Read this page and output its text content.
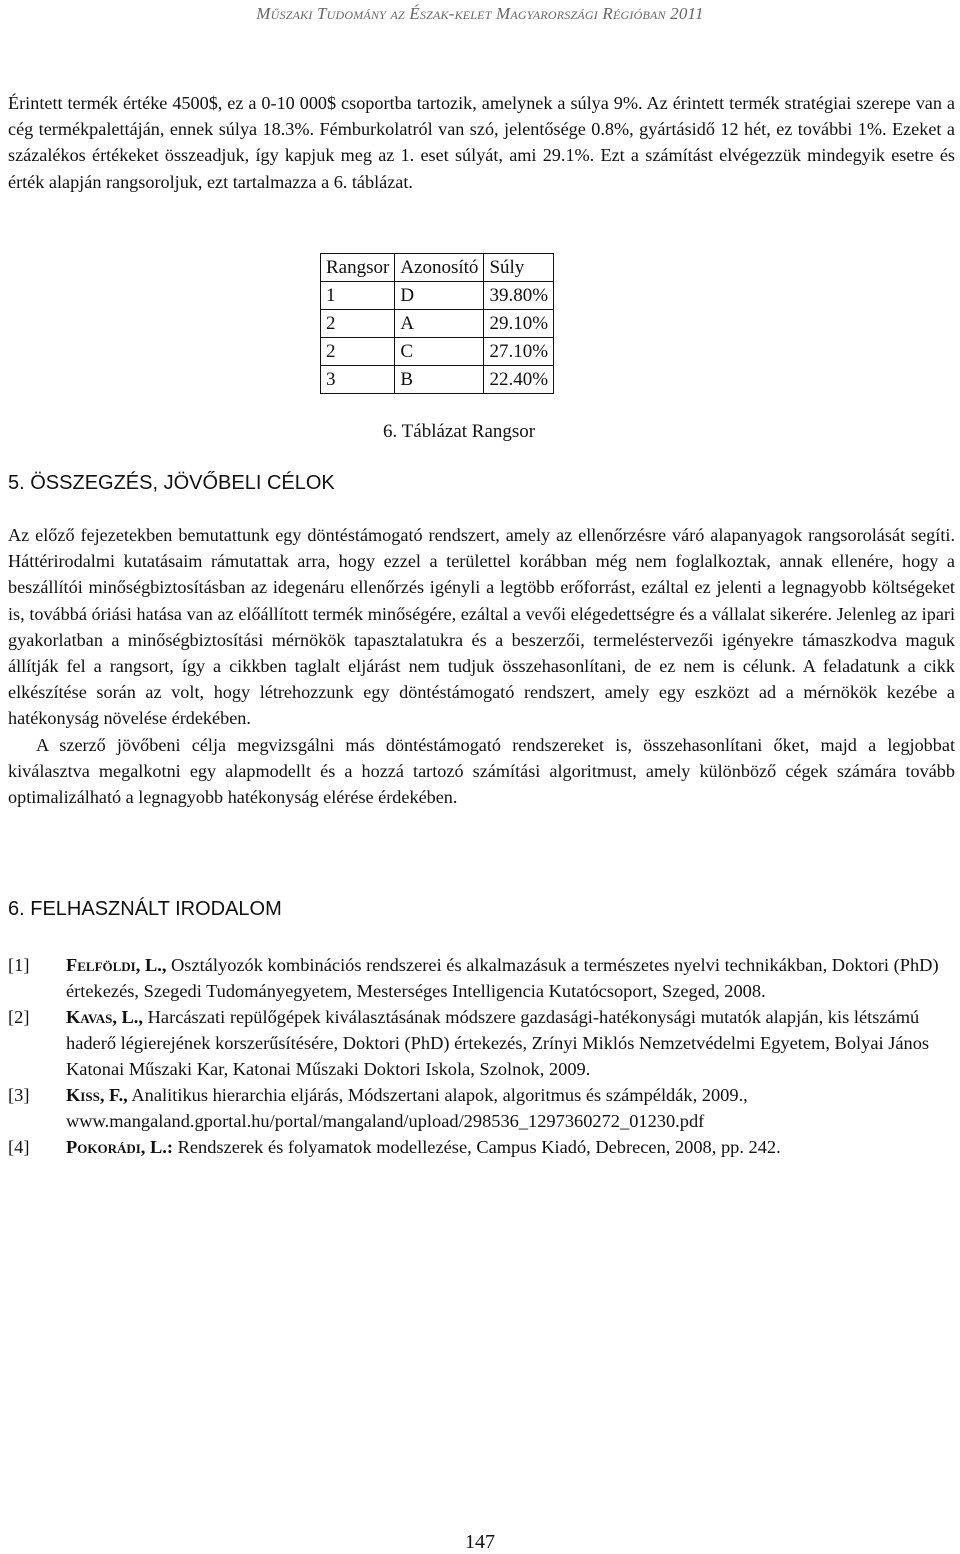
Műszaki Tudomány az Észak-kelet Magyarországi Régióban 2011

Érintett termék értéke 4500$, ez a 0-10 000$ csoportba tartozik, amelynek a súlya 9%. Az érintett termék stratégiai szerepe van a cég termékpalettáján, ennek súlya 18.3%. Fémburkolatról van szó, jelentősége 0.8%, gyártásidő 12 hét, ez további 1%. Ezeket a százalékos értékeket összeadjuk, így kapjuk meg az 1. eset súlyát, ami 29.1%. Ezt a számítást elvégezzük mindegyik esetre és érték alapján rangsoroljuk, ezt tartalmazza a 6. táblázat.

Rangsor	Azonosító	Súly
1	D	39.80%
2	A	29.10%
2	C	27.10%
3	B	22.40%
6. Táblázat Rangsor
5. ÖSSZEGZÉS, JÖVŐBELI CÉLOK

Az előző fejezetekben bemutattunk egy döntéstámogató rendszert, amely az ellenőrzésre váró alapanyagok rangsorolását segíti. Háttérirodalmi kutatásaim rámutattak arra, hogy ezzel a területtel korábban még nem foglalkoztak, annak ellenére, hogy a beszállítói minőségbiztosításban az idegenáru ellenőrzés igényli a legtöbb erőforrást, ezáltal ez jelenti a legnagyobb költségeket is, továbbá óriási hatása van az előállított termék minőségére, ezáltal a vevői elégedettségre és a vállalat sikerére. Jelenleg az ipari gyakorlatban a minőségbiztosítási mérnökök tapasztalatukra és a beszerzői, termeléstervezői igényekre támaszkodva maguk állítják fel a rangsort, így a cikkben taglalt eljárást nem tudjuk összehasonlítani, de ez nem is célunk. A feladatunk a cikk elkészítése során az volt, hogy létrehozzunk egy döntéstámogató rendszert, amely egy eszközt ad a mérnökök kezébe a hatékonyság növelése érdekében.

A szerző jövőbeni célja megvizsgálni más döntéstámogató rendszereket is, összehasonlítani őket, majd a legjobbat kiválasztva megalkotni egy alapmodellt és a hozzá tartozó számítási algoritmust, amely különböző cégek számára tovább optimalizálható a legnagyobb hatékonyság elérése érdekében.

6. FELHASZNÁLT IRODALOM
[1]	Felföldi, L., Osztályozók kombinációs rendszerei és alkalmazásuk a természetes nyelvi technikákban, Doktori (PhD) értekezés, Szegedi Tudományegyetem, Mesterséges Intelligencia Kutatócsoport, Szeged, 2008.
[2]	Kavas, L., Harcászati repülőgépek kiválasztásának módszere gazdasági-hatékonysági mutatók alapján, kis létszámú haderő légierejének korszerűsítésére, Doktori (PhD) értekezés, Zrínyi Miklós Nemzetvédelmi Egyetem, Bolyai János Katonai Műszaki Kar, Katonai Műszaki Doktori Iskola, Szolnok, 2009.
[3]	Kiss, F., Analitikus hierarchia eljárás, Módszertani alapok, algoritmus és számpéldák, 2009., www.mangaland.gportal.hu/portal/mangaland/upload/298536_1297360272_01230.pdf
[4]	Pokorádi, L.: Rendszerek és folyamatok modellezése, Campus Kiadó, Debrecen, 2008, pp. 242.
147
